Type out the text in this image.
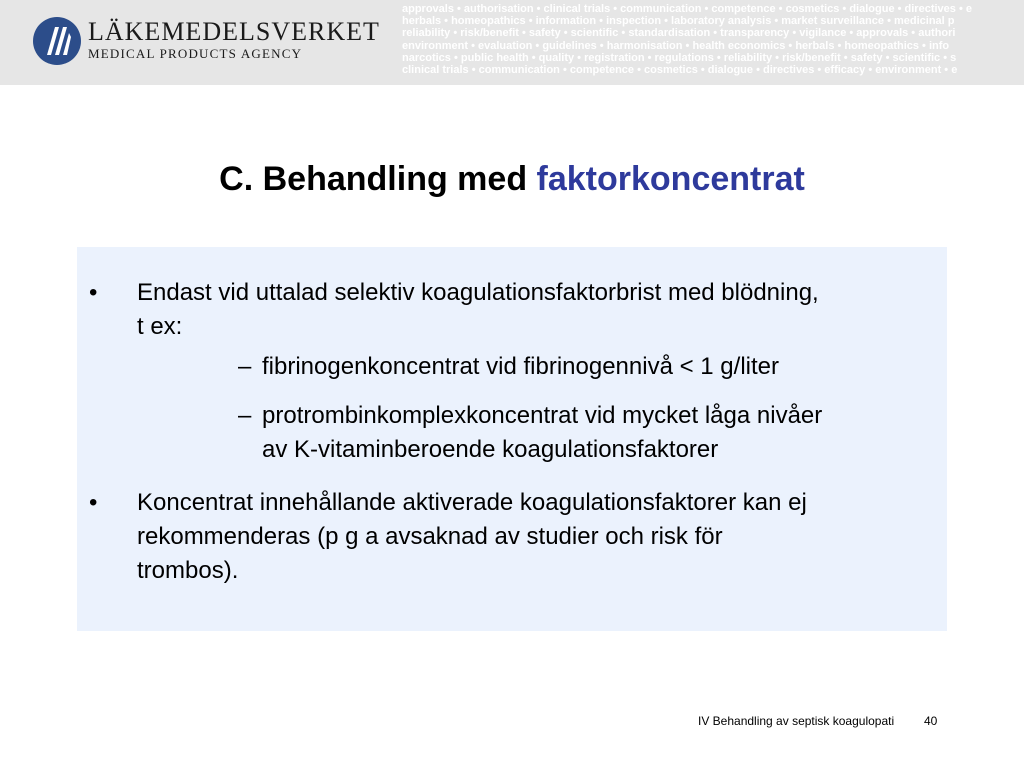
LÄKEMEDELSVERKET
MEDICAL PRODUCTS AGENCY
approvals • authorisation • clinical trials • communication • competence • cosmetics • dialogue • directives • e
herbals • homeopathics • information • inspection • laboratory analysis • market surveillance • medicinal p
reliability • risk/benefit • safety • scientific • standardisation • transparency • vigilance • approvals • authori
environment • evaluation • guidelines • harmonisation • health economics • herbals • homeopathics • info
narcotics • public health • quality • registration • regulations • reliability • risk/benefit • safety • scientific • s
clinical trials • communication • competence • cosmetics • dialogue • directives • efficacy • environment • e
C. Behandling med faktorkoncentrat
• Endast vid uttalad selektiv koagulationsfaktorbrist med blödning,
t ex:
– fibrinogenkoncentrat vid fibrinogennivå < 1 g/liter
– protrombinkomplexkoncentrat vid mycket låga nivåer
av K-vitaminberoende koagulationsfaktorer
• Koncentrat innehållande aktiverade koagulationsfaktorer kan ej
rekommenderas (p g a avsaknad av studier och risk för
trombos).
IV Behandling av septisk koagulopati 40
